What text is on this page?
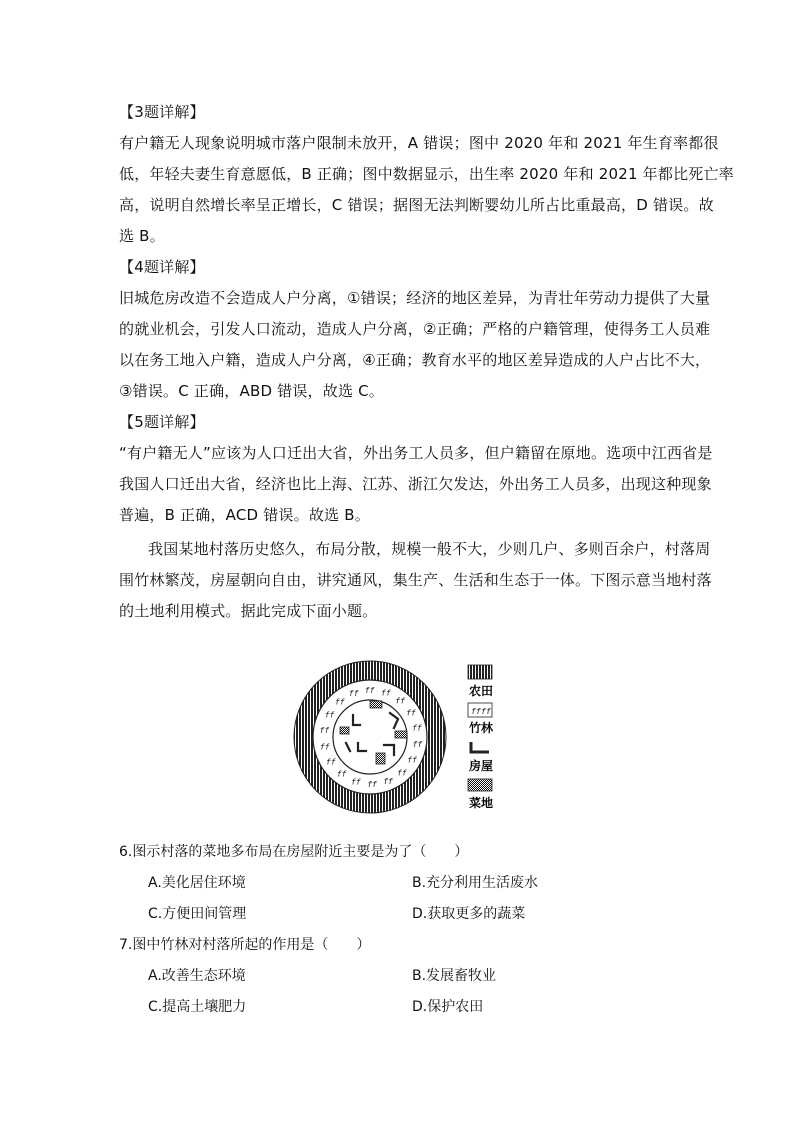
【3题详解】
有户籍无人现象说明城市落户限制未放开，A 错误；图中 2020 年和 2021 年生育率都很
低，年轻夫妻生育意愿低，B 正确；图中数据显示，出生率 2020 年和 2021 年都比死亡率
高，说明自然增长率呈正增长，C 错误；据图无法判断婴幼儿所占比重最高，D 错误。故
选 B。
【4题详解】
旧城危房改造不会造成人户分离，①错误；经济的地区差异，为青壮年劳动力提供了大量
的就业机会，引发人口流动，造成人户分离，②正确；严格的户籍管理，使得务工人员难
以在务工地入户籍，造成人户分离，④正确；教育水平的地区差异造成的人户占比不大，
③错误。C 正确，ABD 错误，故选 C。
【5题详解】
“有户籍无人”应该为人口迁出大省，外出务工人员多，但户籍留在原地。选项中江西省是
我国人口迁出大省，经济也比上海、江苏、浙江欠发达，外出务工人员多，出现这种现象
普遍，B 正确，ACD 错误。故选 B。
我国某地村落历史悠久，布局分散，规模一般不大，少则几户、多则百余户，村落周
围竹林繁茂，房屋朝向自由，讲究通风，集生产、生活和生态于一体。下图示意当地村落
的土地利用模式。据此完成下面小题。
ff
ff
ff
ff
ff
ff
ff
ff
ff
ff
ff
ff
ff ff ff
ff
ff
ff
农田
ff ff
竹林
房屋
菜地
6.图示村落的菜地多布局在房屋附近主要是为了（　　）
A.美化居住环境	B.充分利用生活废水
C.方便田间管理	D.获取更多的蔬菜
7.图中竹林对村落所起的作用是（　　）
A.改善生态环境	B.发展畜牧业
C.提高土壤肥力	D.保护农田
